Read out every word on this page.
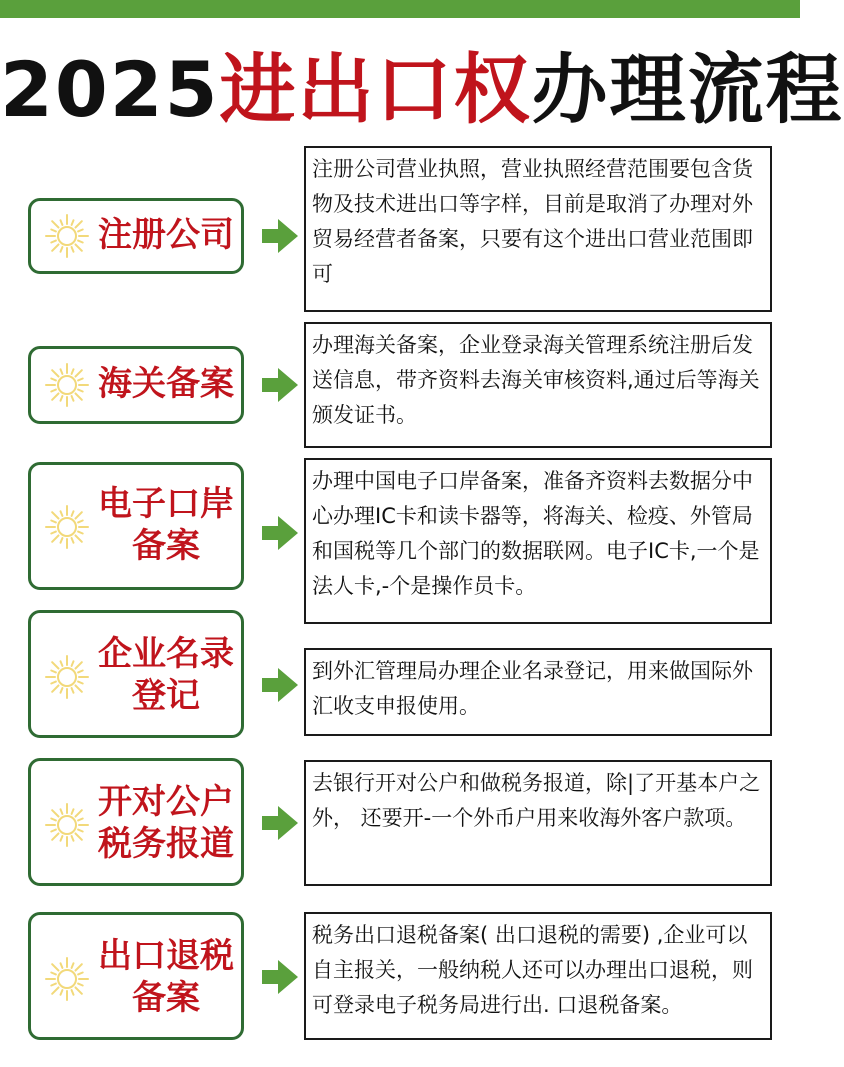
2025进出口权办理流程
注册公司
注册公司营业执照，营业执照经营范围要包含货物及技术进出口等字样，目前是取消了办理对外贸易经营者备案，只要有这个进出口营业范围即可
海关备案
办理海关备案，企业登录海关管理系统注册后发送信息，带齐资料去海关审核资料,通过后等海关颁发证书。
电子口岸
备案
办理中国电子口岸备案，准备齐资料去数据分中心办理IC卡和读卡器等，将海关、检疫、外管局和国税等几个部门的数据联网。电子IC卡,一个是法人卡,-个是操作员卡。
企业名录
登记
到外汇管理局办理企业名录登记，用来做国际外汇收支申报使用。
开对公户
税务报道
去银行开对公户和做税务报道，除|了开基本户之外， 还要开-一个外币户用来收海外客户款项。
出口退税
备案
税务出口退税备案( 出口退税的需要) ,企业可以自主报关，一般纳税人还可以办理出口退税，则可登录电子税务局进行出. 口退税备案。
